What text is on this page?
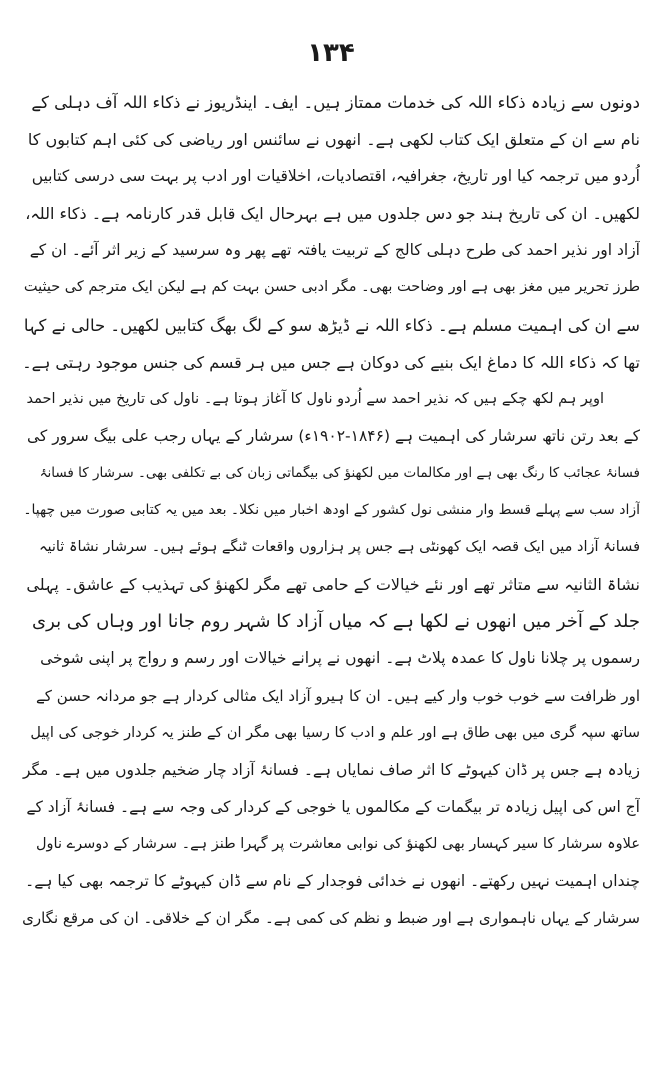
۱۳۴
دونوں سے زیادہ ذکاء اللہ کی خدمات ممتاز ہیں۔ ایف۔ اینڈریوز نے ذکاء اللہ آف دہلی کے
نام سے ان کے متعلق ایک کتاب لکھی ہے۔ انھوں نے سائنس اور ریاضی کی کئی اہم کتابوں کا
اُردو میں ترجمہ کیا اور تاریخ، جغرافیہ، اقتصادیات، اخلاقیات اور ادب پر بہت سی درسی کتابیں
لکھیں۔ ان کی تاریخ ہند جو دس جلدوں میں ہے بہرحال ایک قابل قدر کارنامہ ہے۔ ذکاء اللہ،
آزاد اور نذیر احمد کی طرح دہلی کالج کے تربیت یافتہ تھے پھر وہ سرسید کے زیر اثر آئے۔ ان کے
طرز تحریر میں مغز بھی ہے اور وضاحت بھی۔ مگر ادبی حسن بہت کم ہے لیکن ایک مترجم کی حیثیت
سے ان کی اہمیت مسلم ہے۔ ذکاء اللہ نے ڈیڑھ سو کے لگ بھگ کتابیں لکھیں۔ حالی نے کہا
تھا کہ ذکاء اللہ کا دماغ ایک بنیے کی دوکان ہے جس میں ہر قسم کی جنس موجود رہتی ہے۔
اوپر ہم لکھ چکے ہیں کہ نذیر احمد سے اُردو ناول کا آغاز ہوتا ہے۔ ناول کی تاریخ میں نذیر احمد
کے بعد رتن ناتھ سرشار کی اہمیت ہے (۱۸۴۶-۱۹۰۲ء) سرشار کے یہاں رجب علی بیگ سرور کی
فسانۂ عجائب کا رنگ بھی ہے اور مکالمات میں لکھنؤ کی بیگماتی زبان کی بے تکلفی بھی۔ سرشار کا فسانۂ
آزاد سب سے پہلے قسط وار منشی نول کشور کے اودھ اخبار میں نکلا۔ بعد میں یہ کتابی صورت میں چھپا۔
فسانۂ آزاد میں ایک قصہ ایک کھونٹی ہے جس پر ہزاروں واقعات ٹنگے ہوئے ہیں۔ سرشار نشاۃ ثانیہ
نشاۃ الثانیہ سے متاثر تھے اور نئے خیالات کے حامی تھے مگر لکھنؤ کی تہذیب کے عاشق۔ پہلی
جلد کے آخر میں انھوں نے لکھا ہے کہ میاں آزاد کا شہر روم جانا اور وہاں کی بری
رسموں پر چلانا ناول کا عمدہ پلاٹ ہے۔ انھوں نے پرانے خیالات اور رسم و رواج پر اپنی شوخی
اور ظرافت سے خوب خوب وار کیے ہیں۔ ان کا ہیرو آزاد ایک مثالی کردار ہے جو مردانہ حسن کے
ساتھ سپہ گری میں بھی طاق ہے اور علم و ادب کا رسیا بھی مگر ان کے طنز یہ کردار خوجی کی اپیل
زیادہ ہے جس پر ڈان کیہوٹے کا اثر صاف نمایاں ہے۔ فسانۂ آزاد چار ضخیم جلدوں میں ہے۔ مگر
آج اس کی اپیل زیادہ تر بیگمات کے مکالموں یا خوجی کے کردار کی وجہ سے ہے۔ فسانۂ آزاد کے
علاوہ سرشار کا سیر کہسار بھی لکھنؤ کی نوابی معاشرت پر گہرا طنز ہے۔ سرشار کے دوسرے ناول
چنداں اہمیت نہیں رکھتے۔ انھوں نے خدائی فوجدار کے نام سے ڈان کیہوٹے کا ترجمہ بھی کیا ہے۔
سرشار کے یہاں ناہمواری ہے اور ضبط و نظم کی کمی ہے۔ مگر ان کے خلاقی۔ ان کی مرقع نگاری
